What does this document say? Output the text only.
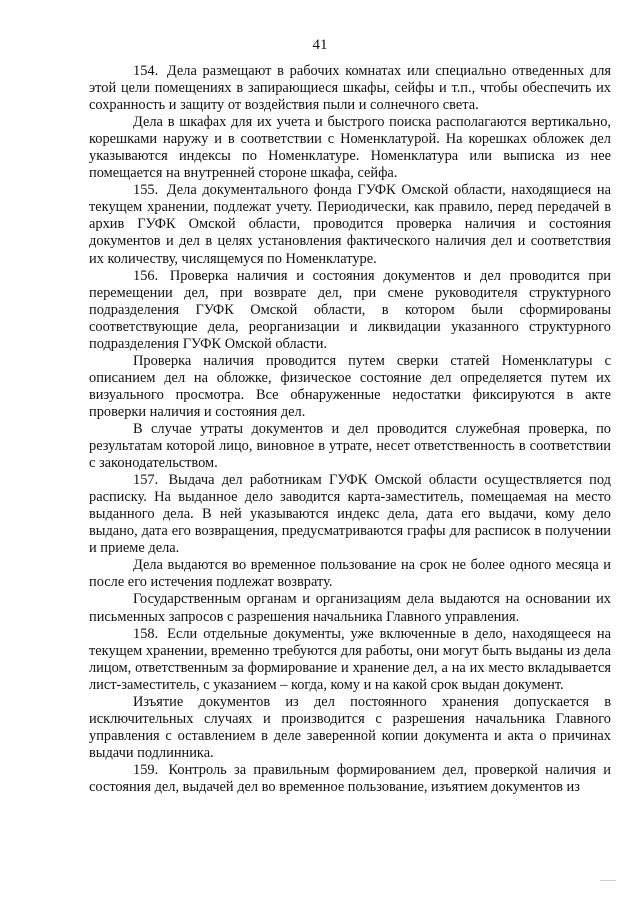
41

154. Дела размещают в рабочих комнатах или специально отведенных для этой цели помещениях в запирающиеся шкафы, сейфы и т.п., чтобы обеспечить их сохранность и защиту от воздействия пыли и солнечного света.

Дела в шкафах для их учета и быстрого поиска располагаются вертикально, корешками наружу и в соответствии с Номенклатурой. На корешках обложек дел указываются индексы по Номенклатуре. Номенклатура или выписка из нее помещается на внутренней стороне шкафа, сейфа.

155. Дела документального фонда ГУФК Омской области, находящиеся на текущем хранении, подлежат учету. Периодически, как правило, перед передачей в архив ГУФК Омской области, проводится проверка наличия и состояния документов и дел в целях установления фактического наличия дел и соответствия их количеству, числящемуся по Номенклатуре.

156. Проверка наличия и состояния документов и дел проводится при перемещении дел, при возврате дел, при смене руководителя структурного подразделения ГУФК Омской области, в котором были сформированы соответствующие дела, реорганизации и ликвидации указанного структурного подразделения ГУФК Омской области.

Проверка наличия проводится путем сверки статей Номенклатуры с описанием дел на обложке, физическое состояние дел определяется путем их визуального просмотра. Все обнаруженные недостатки фиксируются в акте проверки наличия и состояния дел.

В случае утраты документов и дел проводится служебная проверка, по результатам которой лицо, виновное в утрате, несет ответственность в соответствии с законодательством.

157. Выдача дел работникам ГУФК Омской области осуществляется под расписку. На выданное дело заводится карта-заместитель, помещаемая на место выданного дела. В ней указываются индекс дела, дата его выдачи, кому дело выдано, дата его возвращения, предусматриваются графы для расписок в получении и приеме дела.

Дела выдаются во временное пользование на срок не более одного месяца и после его истечения подлежат возврату.

Государственным органам и организациям дела выдаются на основании их письменных запросов с разрешения начальника Главного управления.

158. Если отдельные документы, уже включенные в дело, находящееся на текущем хранении, временно требуются для работы, они могут быть выданы из дела лицом, ответственным за формирование и хранение дел, а на их место вкладывается лист-заместитель, с указанием – когда, кому и на какой срок выдан документ.

Изъятие документов из дел постоянного хранения допускается в исключительных случаях и производится с разрешения начальника Главного управления с оставлением в деле заверенной копии документа и акта о причинах выдачи подлинника.

159. Контроль за правильным формированием дел, проверкой наличия и состояния дел, выдачей дел во временное пользование, изъятием документов из
